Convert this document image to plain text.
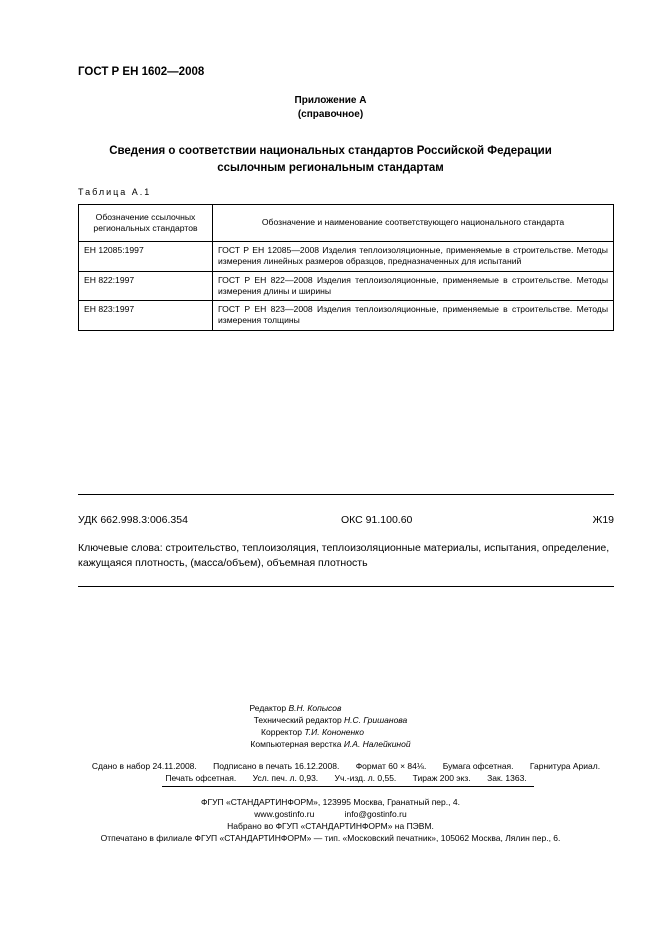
ГОСТ Р ЕН 1602—2008
Приложение А
(справочное)
Сведения о соответствии национальных стандартов Российской Федерации
ссылочным региональным стандартам
Таблица А.1
Обозначение ссылочных региональных стандартов	Обозначение и наименование соответствующего национального стандарта
ЕН 12085:1997	ГОСТ Р ЕН 12085—2008 Изделия теплоизоляционные, применяемые в строительстве. Методы измерения линейных размеров образцов, предназначенных для испытаний
ЕН 822:1997	ГОСТ Р ЕН 822—2008 Изделия теплоизоляционные, применяемые в строительстве. Методы измерения длины и ширины
ЕН 823:1997	ГОСТ Р ЕН 823—2008 Изделия теплоизоляционные, применяемые в строительстве. Методы измерения толщины
УДК 662.998.3:006.354	ОКС 91.100.60	Ж19
Ключевые слова: строительство, теплоизоляция, теплоизоляционные материалы, испытания, определение, кажущаяся плотность, (масса/объем), объемная плотность
Редактор В.Н. Копысов
Технический редактор Н.С. Гришанова
Корректор Т.И. Кононенко
Компьютерная верстка И.А. Налейкиной
Сдано в набор 24.11.2008. Подписано в печать 16.12.2008. Формат 60 × 84⅛. Бумага офсетная. Гарнитура Ариал.
Печать офсетная. Усл. печ. л. 0,93. Уч.-изд. л. 0,55. Тираж 200 экз. Зак. 1363.
ФГУП «СТАНДАРТИНФОРМ», 123995 Москва, Гранатный пер., 4.
www.gostinfo.ru	info@gostinfo.ru
Набрано во ФГУП «СТАНДАРТИНФОРМ» на ПЭВМ.
Отпечатано в филиале ФГУП «СТАНДАРТИНФОРМ» — тип. «Московский печатник», 105062 Москва, Лялин пер., 6.
